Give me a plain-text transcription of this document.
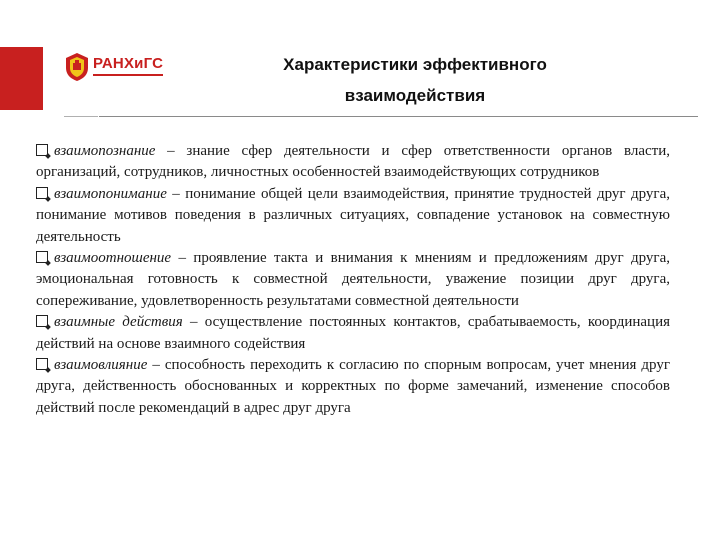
РАНХиГС	Характеристики эффективного
взаимодействия

взаимопознание – знание сфер деятельности и сфер ответственности органов власти, организаций, сотрудников, личностных особенностей взаимодействующих сотрудников

взаимопонимание – понимание общей цели взаимодействия, принятие трудностей друг друга, понимание мотивов поведения в различных ситуациях, совпадение установок на совместную деятельность

взаимоотношение – проявление такта и внимания к мнениям и предложениям друг друга, эмоциональная готовность к совместной деятельности, уважение позиции друг друга, сопереживание, удовлетворенность результатами совместной деятельности

взаимные действия – осуществление постоянных контактов, срабатываемость, координация действий на основе взаимного содействия

взаимовлияние – способность переходить к согласию по спорным вопросам, учет мнения друг друга, действенность обоснованных и корректных по форме замечаний, изменение способов действий после рекомендаций в адрес друг друга
